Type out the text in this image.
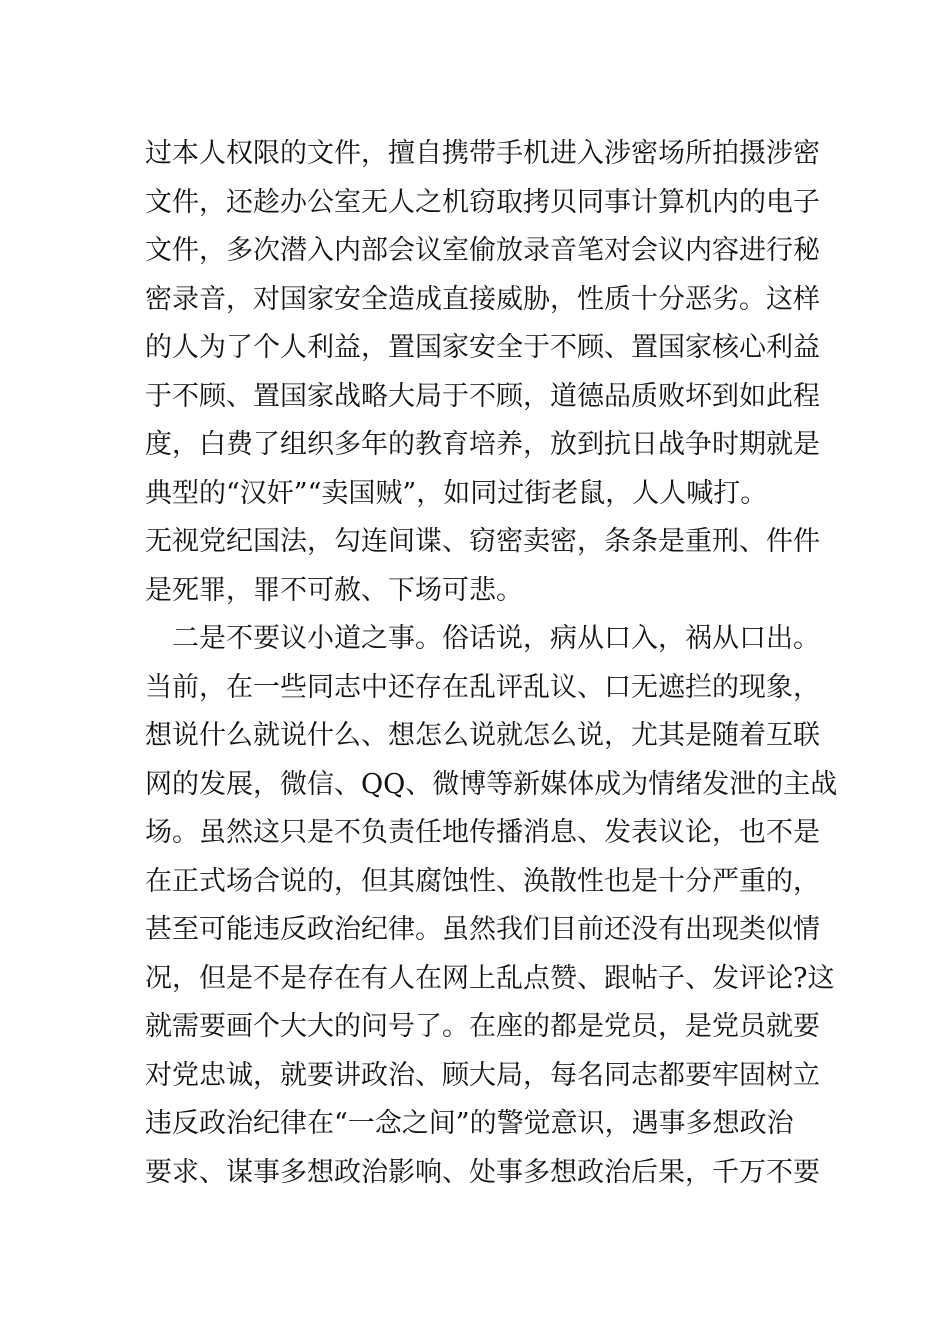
过本人权限的文件，擅自携带手机进入涉密场所拍摄涉密
文件，还趁办公室无人之机窃取拷贝同事计算机内的电子
文件，多次潜入内部会议室偷放录音笔对会议内容进行秘
密录音，对国家安全造成直接威胁，性质十分恶劣。这样
的人为了个人利益，置国家安全于不顾、置国家核心利益
于不顾、置国家战略大局于不顾，道德品质败坏到如此程
度，白费了组织多年的教育培养，放到抗日战争时期就是
典型的“汉奸”“卖国贼”，如同过街老鼠，人人喊打。
无视党纪国法，勾连间谍、窃密卖密，条条是重刑、件件
是死罪，罪不可赦、下场可悲。
　二是不要议小道之事。俗话说，病从口入，祸从口出。
当前，在一些同志中还存在乱评乱议、口无遮拦的现象，
想说什么就说什么、想怎么说就怎么说，尤其是随着互联
网的发展，微信、QQ、微博等新媒体成为情绪发泄的主战
场。虽然这只是不负责任地传播消息、发表议论，也不是
在正式场合说的，但其腐蚀性、涣散性也是十分严重的，
甚至可能违反政治纪律。虽然我们目前还没有出现类似情
况，但是不是存在有人在网上乱点赞、跟帖子、发评论?这
就需要画个大大的问号了。在座的都是党员，是党员就要
对党忠诚，就要讲政治、顾大局，每名同志都要牢固树立
违反政治纪律在“一念之间”的警觉意识，遇事多想政治
要求、谋事多想政治影响、处事多想政治后果，千万不要
